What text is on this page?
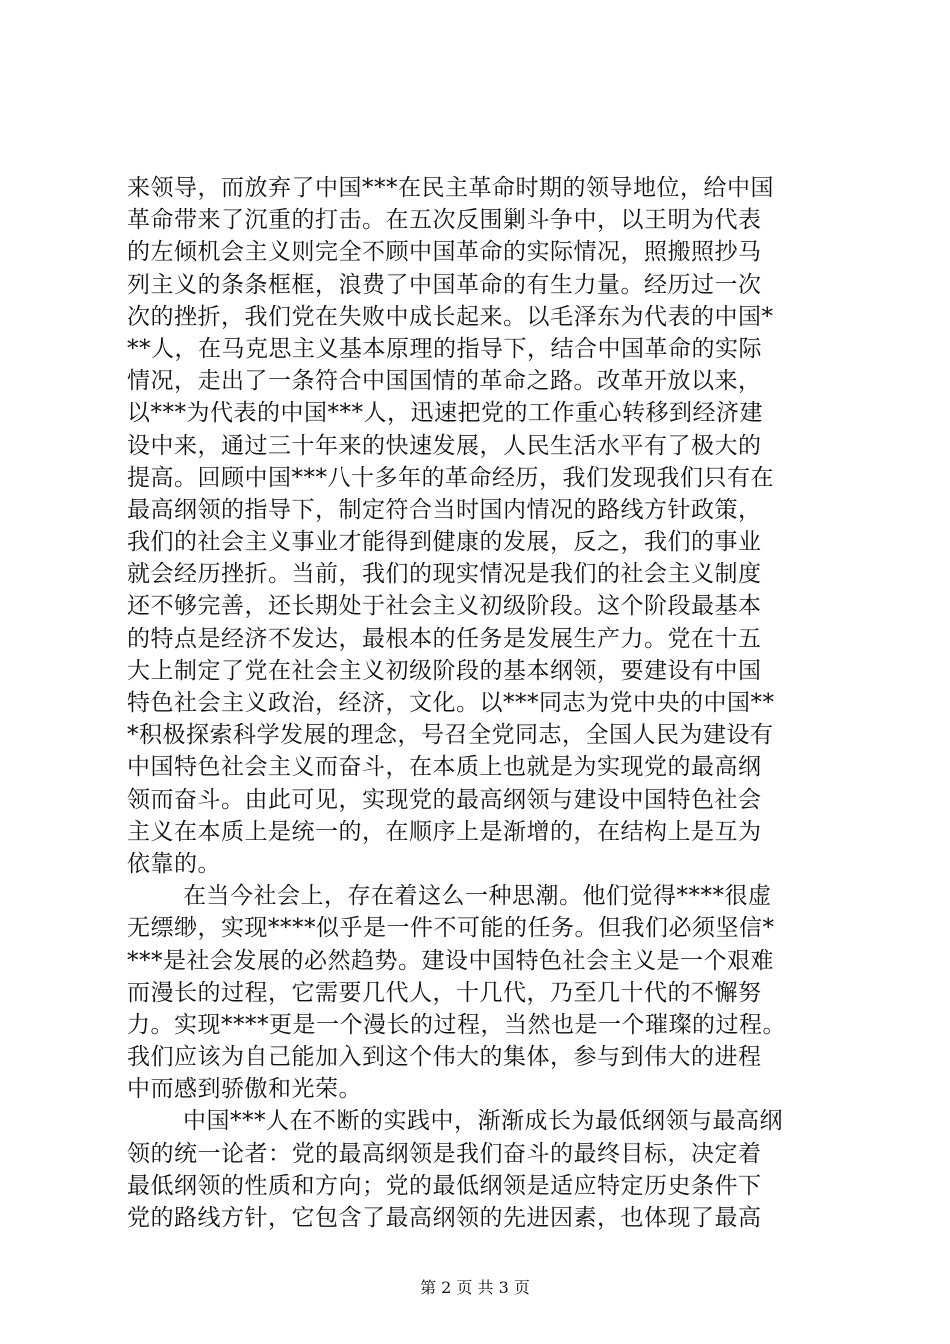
来领导，而放弃了中国***在民主革命时期的领导地位，给中国
革命带来了沉重的打击。在五次反围剿斗争中，以王明为代表
的左倾机会主义则完全不顾中国革命的实际情况，照搬照抄马
列主义的条条框框，浪费了中国革命的有生力量。经历过一次
次的挫折，我们党在失败中成长起来。以毛泽东为代表的中国*
**人，在马克思主义基本原理的指导下，结合中国革命的实际
情况，走出了一条符合中国国情的革命之路。改革开放以来，
以***为代表的中国***人，迅速把党的工作重心转移到经济建
设中来，通过三十年来的快速发展，人民生活水平有了极大的
提高。回顾中国***八十多年的革命经历，我们发现我们只有在
最高纲领的指导下，制定符合当时国内情况的路线方针政策，
我们的社会主义事业才能得到健康的发展，反之，我们的事业
就会经历挫折。当前，我们的现实情况是我们的社会主义制度
还不够完善，还长期处于社会主义初级阶段。这个阶段最基本
的特点是经济不发达，最根本的任务是发展生产力。党在十五
大上制定了党在社会主义初级阶段的基本纲领，要建设有中国
特色社会主义政治，经济，文化。以***同志为党中央的中国**
*积极探索科学发展的理念，号召全党同志，全国人民为建设有
中国特色社会主义而奋斗，在本质上也就是为实现党的最高纲
领而奋斗。由此可见，实现党的最高纲领与建设中国特色社会
主义在本质上是统一的，在顺序上是渐增的，在结构上是互为
依靠的。
在当今社会上，存在着这么一种思潮。他们觉得****很虚
无缥缈，实现****似乎是一件不可能的任务。但我们必须坚信*
***是社会发展的必然趋势。建设中国特色社会主义是一个艰难
而漫长的过程，它需要几代人，十几代，乃至几十代的不懈努
力。实现****更是一个漫长的过程，当然也是一个璀璨的过程。
我们应该为自己能加入到这个伟大的集体，参与到伟大的进程
中而感到骄傲和光荣。
中国***人在不断的实践中，渐渐成长为最低纲领与最高纲
领的统一论者：党的最高纲领是我们奋斗的最终目标，决定着
最低纲领的性质和方向；党的最低纲领是适应特定历史条件下
党的路线方针，它包含了最高纲领的先进因素，也体现了最高
第 2 页 共 3 页
